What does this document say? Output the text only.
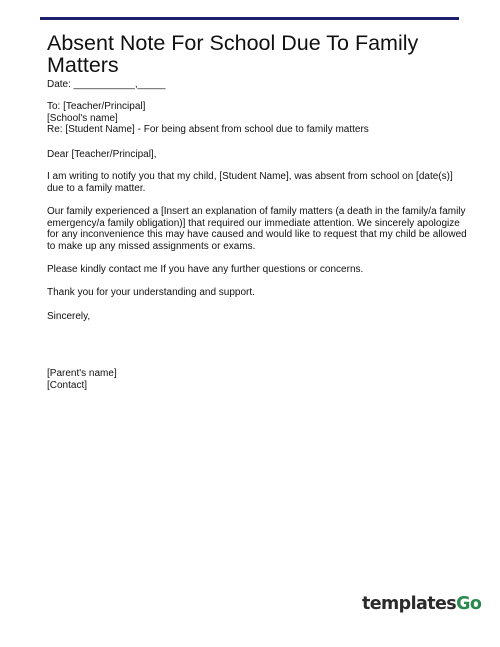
Absent Note For School Due To Family Matters

Date: ___________,_____

To: [Teacher/Principal]

[School's name]

Re: [Student Name] - For being absent from school due to family matters

Dear [Teacher/Principal],

I am writing to notify you that my child, [Student Name], was absent from school on [date(s)] due to a family matter.

Our family experienced a [Insert an explanation of family matters (a death in the family/a family emergency/a family obligation)] that required our immediate attention. We sincerely apologize for any inconvenience this may have caused and would like to request that my child be allowed to make up any missed assignments or exams.

Please kindly contact me If you have any further questions or concerns.

Thank you for your understanding and support.

Sincerely,

[Parent's name]

[Contact]

templatesGo
